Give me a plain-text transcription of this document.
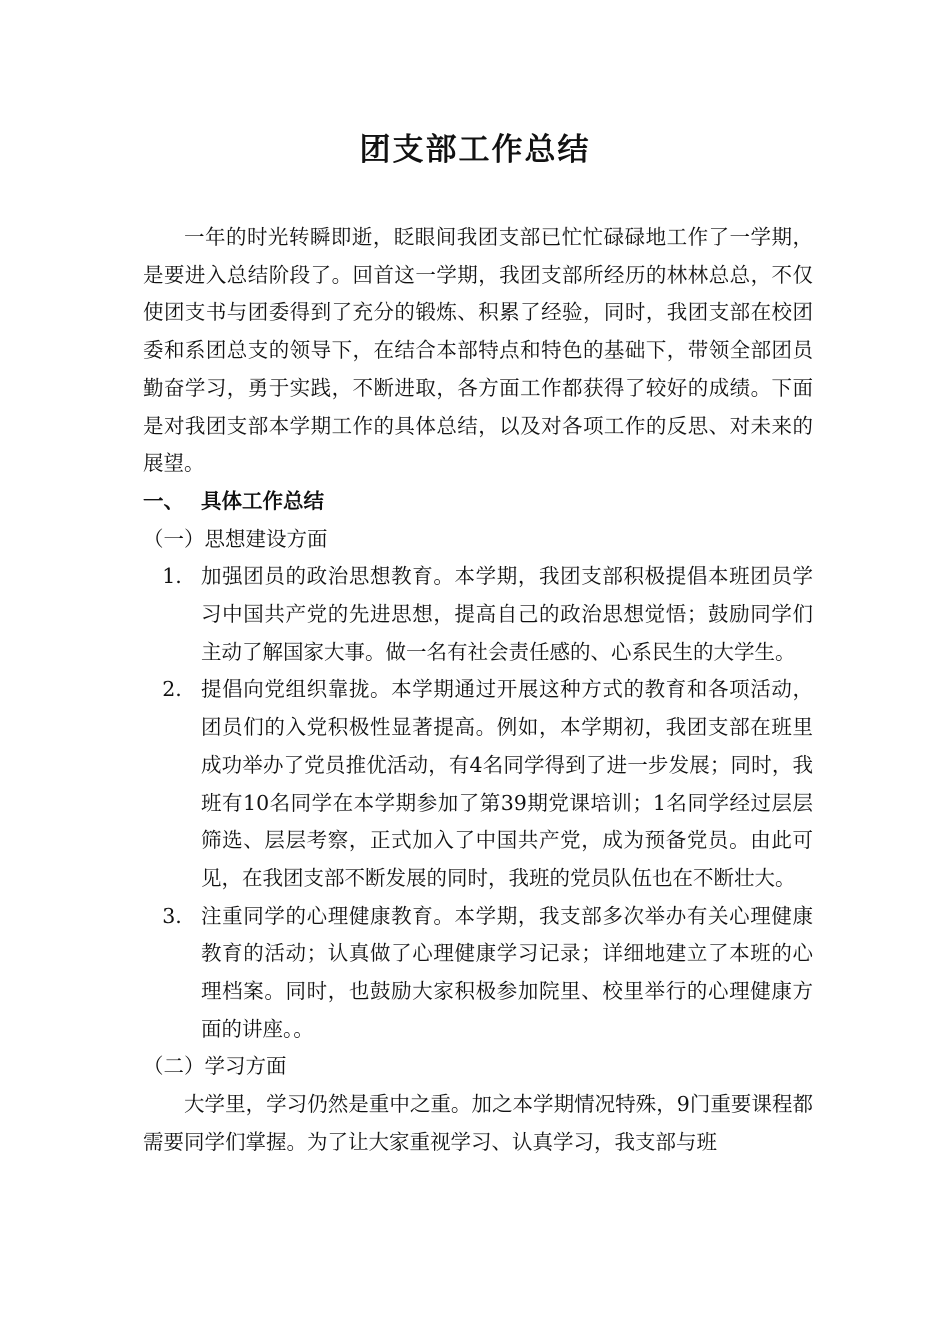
团支部工作总结

一年的时光转瞬即逝，眨眼间我团支部已忙忙碌碌地工作了一学期，是要进入总结阶段了。回首这一学期，我团支部所经历的林林总总，不仅使团支书与团委得到了充分的锻炼、积累了经验，同时，我团支部在校团委和系团总支的领导下，在结合本部特点和特色的基础下，带领全部团员勤奋学习，勇于实践，不断进取，各方面工作都获得了较好的成绩。下面是对我团支部本学期工作的具体总结，以及对各项工作的反思、对未来的展望。

一、 具体工作总结
（一）思想建设方面
1. 加强团员的政治思想教育。本学期，我团支部积极提倡本班团员学习中国共产党的先进思想，提高自己的政治思想觉悟；鼓励同学们主动了解国家大事。做一名有社会责任感的、心系民生的大学生。
2. 提倡向党组织靠拢。本学期通过开展这种方式的教育和各项活动，团员们的入党积极性显著提高。例如，本学期初，我团支部在班里成功举办了党员推优活动，有4名同学得到了进一步发展；同时，我班有10名同学在本学期参加了第39期党课培训；1名同学经过层层筛选、层层考察，正式加入了中国共产党，成为预备党员。由此可见，在我团支部不断发展的同时，我班的党员队伍也在不断壮大。
3. 注重同学的心理健康教育。本学期，我支部多次举办有关心理健康教育的活动；认真做了心理健康学习记录；详细地建立了本班的心理档案。同时，也鼓励大家积极参加院里、校里举行的心理健康方面的讲座。。
（二）学习方面

大学里，学习仍然是重中之重。加之本学期情况特殊，9门重要课程都需要同学们掌握。为了让大家重视学习、认真学习，我支部与班
